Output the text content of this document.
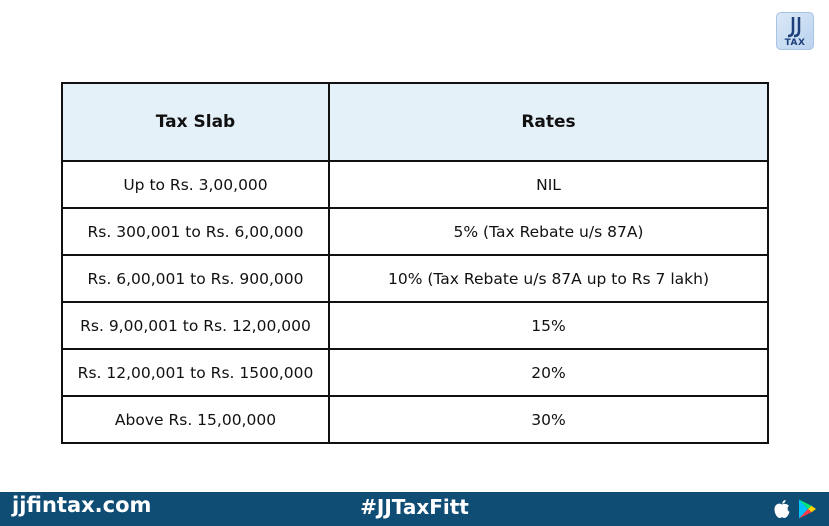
TAX
Tax Slab	Rates
Up to Rs. 3,00,000	NIL
Rs. 300,001 to Rs. 6,00,000	5% (Tax Rebate u/s 87A)
Rs. 6,00,001 to Rs. 900,000	10% (Tax Rebate u/s 87A up to Rs 7 lakh)
Rs. 9,00,001 to Rs. 12,00,000	15%
Rs. 12,00,001 to Rs. 1500,000	20%
Above Rs. 15,00,000	30%
jjfintax.com	#JJTaxFitt
